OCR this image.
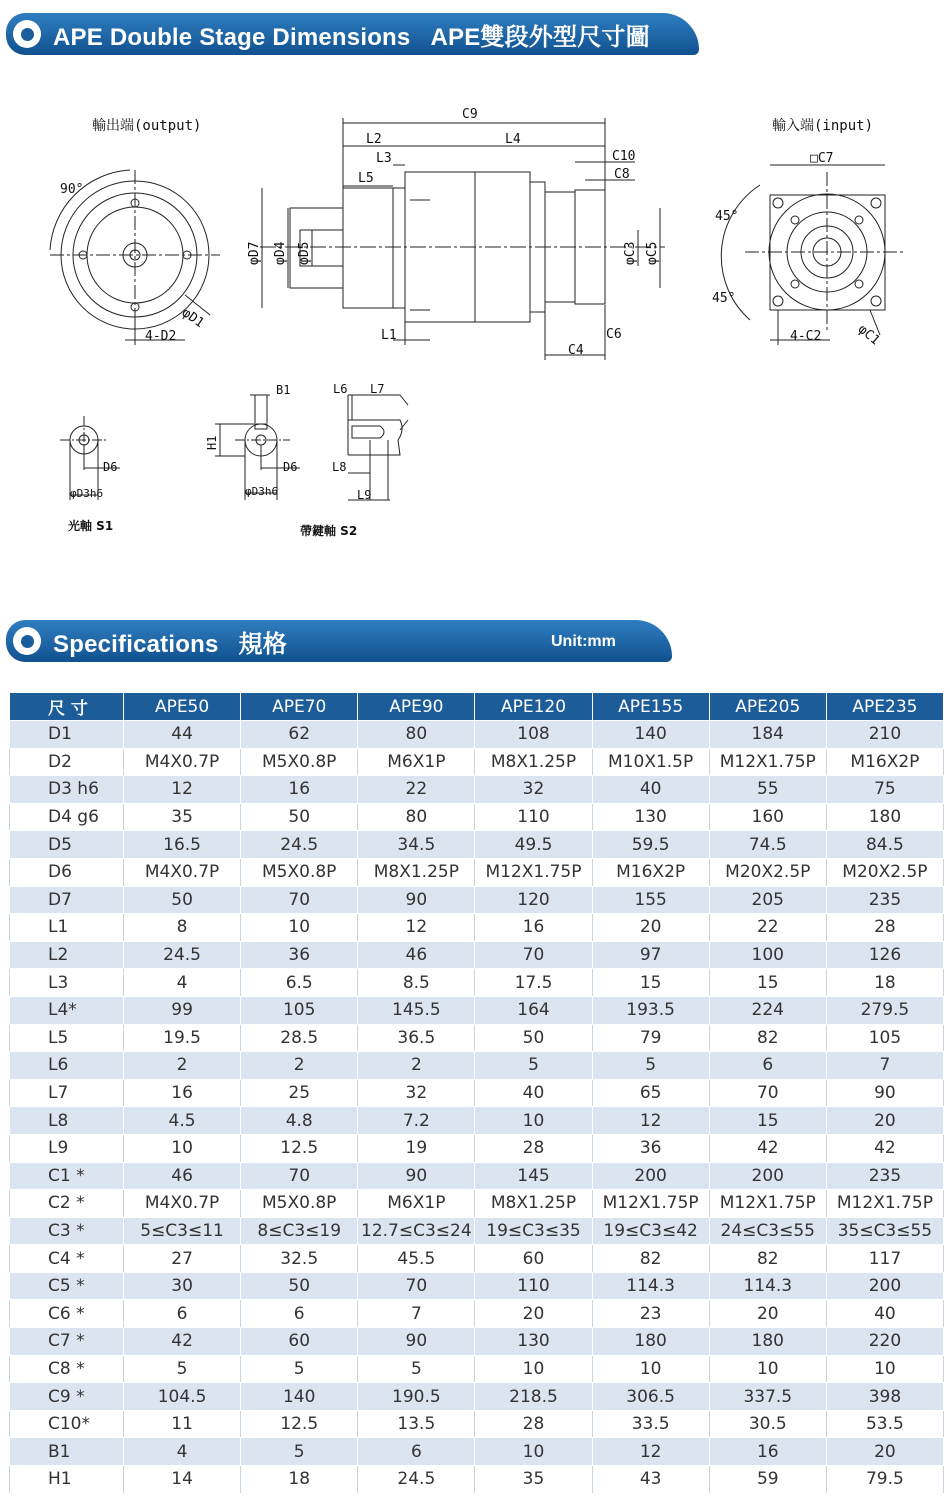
APE Double Stage Dimensions APE雙段外型尺寸圖
輸出端(output)
90°
4-D2
φD1
C9
L2	L4
L3
L5
C10
C8
φD7 φD4 φD5	φC3 φC5
L1
C4
C6
輸入端(input)
□C7
45°
45°
4-C2	φC1
D6
φD3h6
光軸 S1
B1
H1
D6
φD3h6
帶鍵軸 S2
L6 L7
L8
L9
Specifications 規格	Unit:mm
尺 寸	APE50	APE70	APE90	APE120	APE155	APE205	APE235
D1	44	62	80	108	140	184	210
D2	M4X0.7P	M5X0.8P	M6X1P	M8X1.25P	M10X1.5P	M12X1.75P	M16X2P
D3 h6	12	16	22	32	40	55	75
D4 g6	35	50	80	110	130	160	180
D5	16.5	24.5	34.5	49.5	59.5	74.5	84.5
D6	M4X0.7P	M5X0.8P	M8X1.25P	M12X1.75P	M16X2P	M20X2.5P	M20X2.5P
D7	50	70	90	120	155	205	235
L1	8	10	12	16	20	22	28
L2	24.5	36	46	70	97	100	126
L3	4	6.5	8.5	17.5	15	15	18
L4*	99	105	145.5	164	193.5	224	279.5
L5	19.5	28.5	36.5	50	79	82	105
L6	2	2	2	5	5	6	7
L7	16	25	32	40	65	70	90
L8	4.5	4.8	7.2	10	12	15	20
L9	10	12.5	19	28	36	42	42
C1 *	46	70	90	145	200	200	235
C2 *	M4X0.7P	M5X0.8P	M6X1P	M8X1.25P	M12X1.75P	M12X1.75P	M12X1.75P
C3 *	5≤C3≤11	8≤C3≤19	12.7≤C3≤24	19≤C3≤35	19≤C3≤42	24≤C3≤55	35≤C3≤55
C4 *	27	32.5	45.5	60	82	82	117
C5 *	30	50	70	110	114.3	114.3	200
C6 *	6	6	7	20	23	20	40
C7 *	42	60	90	130	180	180	220
C8 *	5	5	5	10	10	10	10
C9 *	104.5	140	190.5	218.5	306.5	337.5	398
C10*	11	12.5	13.5	28	33.5	30.5	53.5
B1	4	5	6	10	12	16	20
H1	14	18	24.5	35	43	59	79.5
